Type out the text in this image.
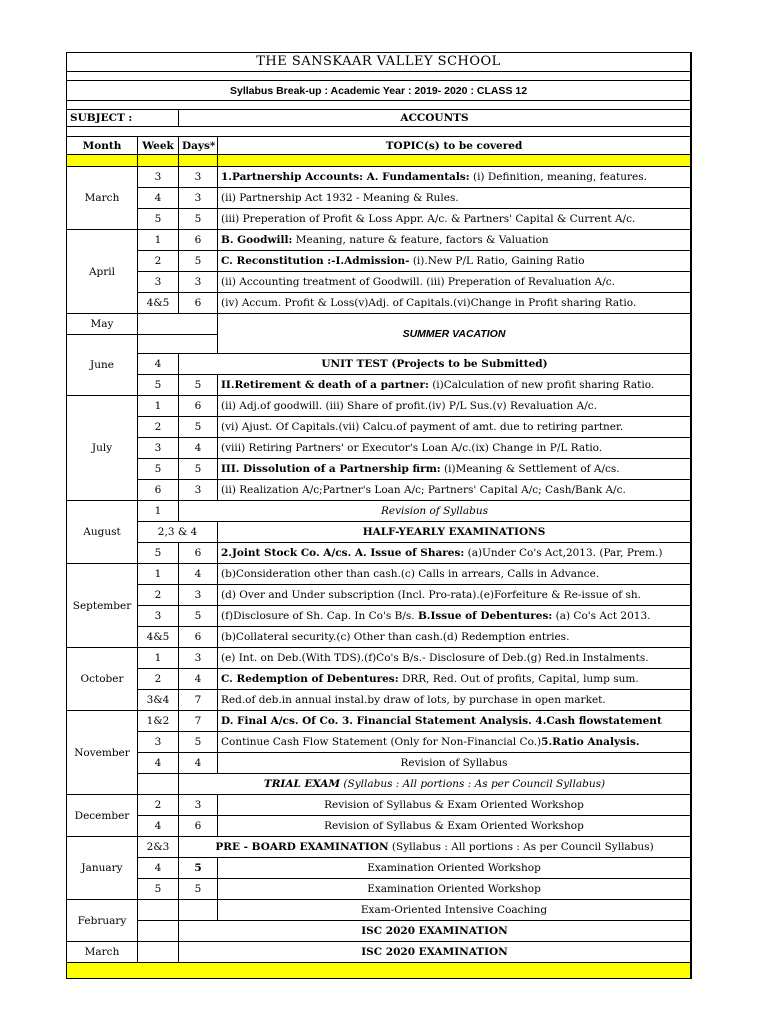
THE SANSKAAR VALLEY SCHOOL			

Syllabus Break-up : Academic Year : 2019- 2020 : CLASS 12			

SUBJECT :		ACCOUNTS	

Month	Week	Days*	TOPIC(s) to be covered

March	3	3	1.Partnership Accounts: A. Fundamentals: (i) Definition, meaning, features.
	4	3	(ii) Partnership Act 1932 - Meaning & Rules.
	5	5	(iii) Preperation of Profit & Loss Appr. A/c. & Partners' Capital & Current A/c.
April	1	6	B. Goodwill: Meaning, nature & feature, factors & Valuation
	2	5	C. Reconstitution :-I.Admission- (i).New P/L Ratio, Gaining Ratio
	3	3	(ii) Accounting treatment of Goodwill. (iii) Preperation of Revaluation A/c.
	4&5	6	(iv) Accum. Profit & Loss(v)Adj. of Capitals.(vi)Change in Profit sharing Ratio.
May			SUMMER VACATION
June			
	4	UNIT TEST (Projects to be Submitted)	
	5	5	II.Retirement & death of a partner: (i)Calculation of new profit sharing Ratio.
July	1	6	(ii) Adj.of goodwill. (iii) Share of profit.(iv) P/L Sus.(v) Revaluation A/c.
	2	5	(vi) Ajust. Of Capitals.(vii) Calcu.of payment of amt. due to retiring partner.
	3	4	(viii) Retiring Partners' or Executor's Loan A/c.(ix) Change in P/L Ratio.
	5	5	III. Dissolution of a Partnership firm: (i)Meaning & Settlement of A/cs.
	6	3	(ii) Realization A/c;Partner's Loan A/c; Partners' Capital A/c; Cash/Bank A/c.
August	1	Revision of Syllabus	
	2,3 & 4		HALF-YEARLY EXAMINATIONS
	5	6	2.Joint Stock Co. A/cs. A. Issue of Shares: (a)Under Co's Act,2013. (Par, Prem.)
September	1	4	(b)Consideration other than cash.(c) Calls in arrears, Calls in Advance.
	2	3	(d) Over and Under subscription (Incl. Pro-rata).(e)Forfeiture & Re-issue of sh.
	3	5	(f)Disclosure of Sh. Cap. In Co's B/s. B.Issue of Debentures: (a) Co's Act 2013.
	4&5	6	(b)Collateral security.(c) Other than cash.(d) Redemption entries.
October	1	3	(e) Int. on Deb.(With TDS).(f)Co's B/s.- Disclosure of Deb.(g) Red.in Instalments.
	2	4	C. Redemption of Debentures: DRR, Red. Out of profits, Capital, lump sum.
	3&4	7	Red.of deb.in annual instal.by draw of lots, by purchase in open market.
November	1&2	7	D. Final A/cs. Of Co. 3. Financial Statement Analysis. 4.Cash flowstatement
	3	5	Continue Cash Flow Statement (Only for Non-Financial Co.)5.Ratio Analysis.
	4	4	Revision of Syllabus
		TRIAL EXAM (Syllabus : All portions : As per Council Syllabus)	
December	2	3	Revision of Syllabus & Exam Oriented Workshop
	4	6	Revision of Syllabus & Exam Oriented Workshop
January	2&3	PRE - BOARD EXAMINATION (Syllabus : All portions : As per Council Syllabus)	
	4	5	Examination Oriented Workshop
	5	5	Examination Oriented Workshop
February			Exam-Oriented Intensive Coaching
		ISC 2020 EXAMINATION	
March		ISC 2020 EXAMINATION	
